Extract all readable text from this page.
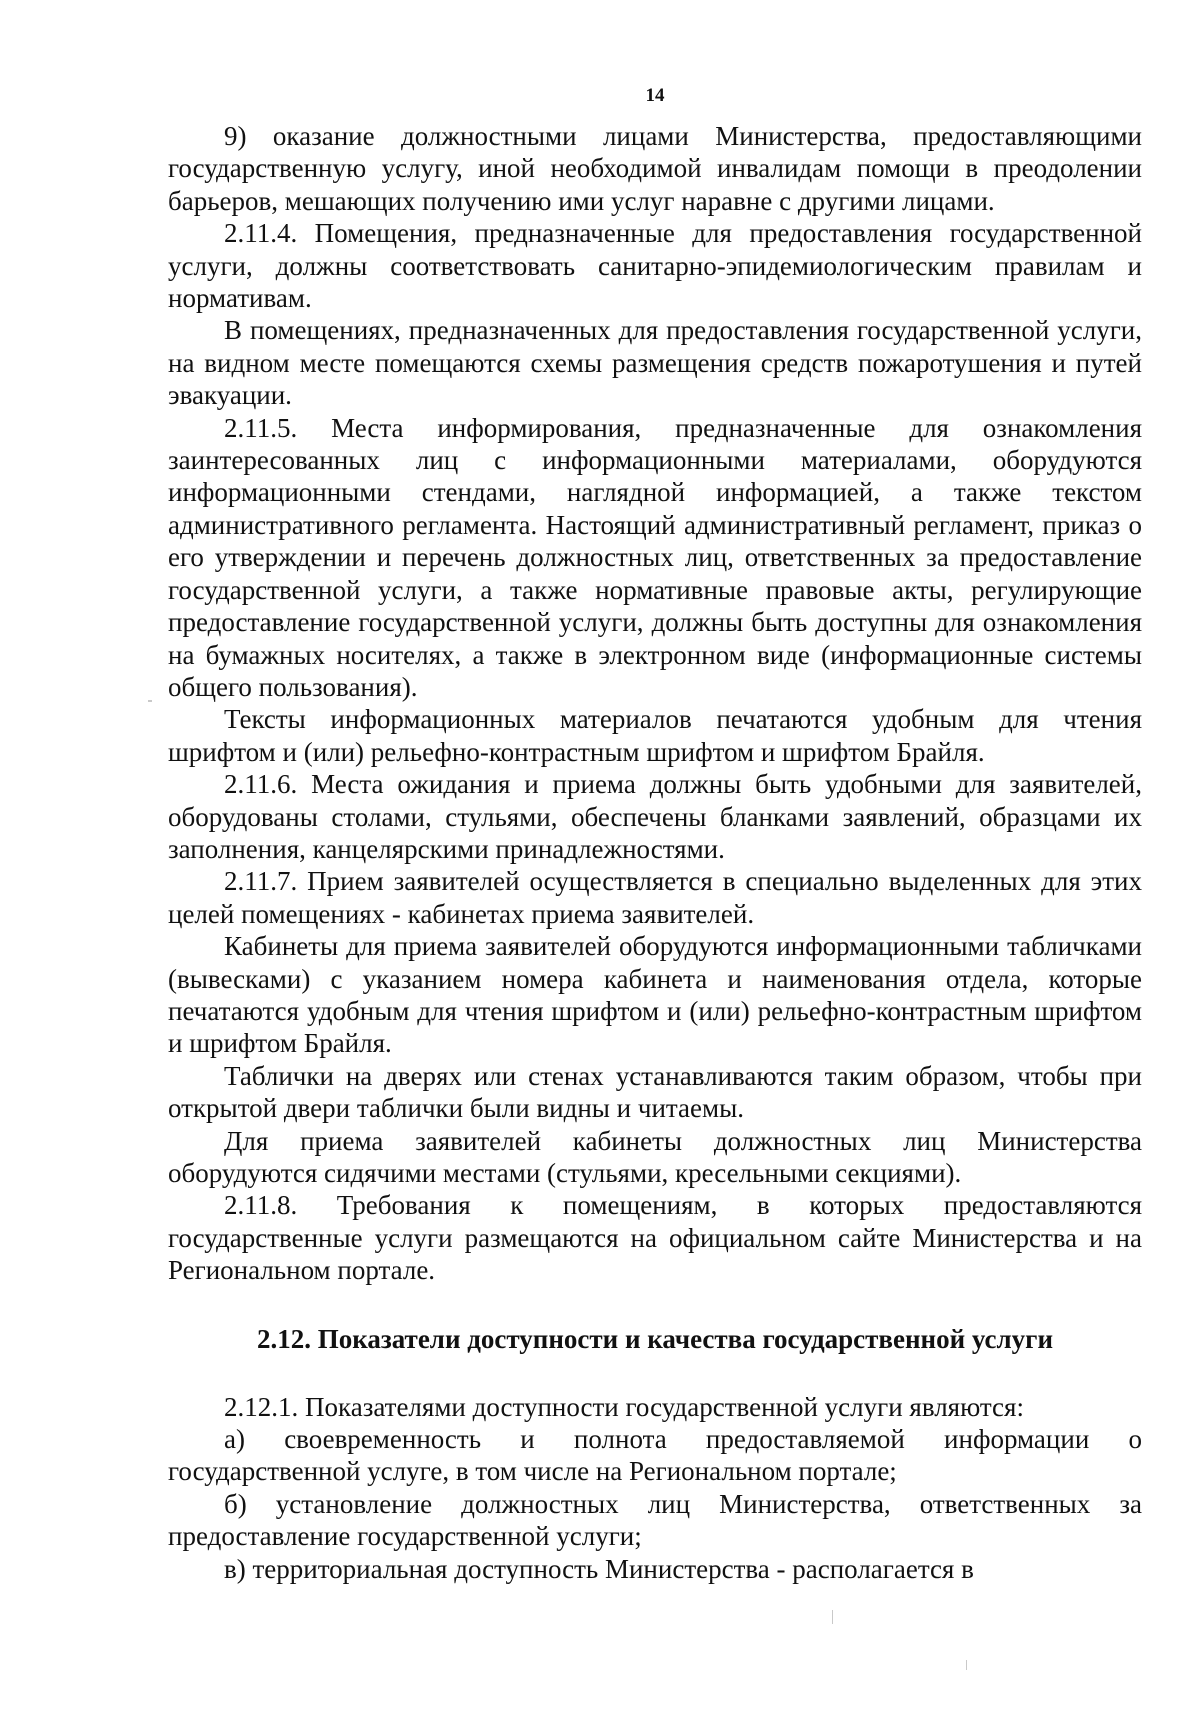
14

9) оказание должностными лицами Министерства, предоставляющими государственную услугу, иной необходимой инвалидам помощи в преодолении барьеров, мешающих получению ими услуг наравне с другими лицами.

2.11.4. Помещения, предназначенные для предоставления государственной услуги, должны соответствовать санитарно-эпидемиологическим правилам и нормативам.

В помещениях, предназначенных для предоставления государственной услуги, на видном месте помещаются схемы размещения средств пожаротушения и путей эвакуации.

2.11.5. Места информирования, предназначенные для ознакомления заинтересованных лиц с информационными материалами, оборудуются информационными стендами, наглядной информацией, а также текстом административного регламента. Настоящий административный регламент, приказ о его утверждении и перечень должностных лиц, ответственных за предоставление государственной услуги, а также нормативные правовые акты, регулирующие предоставление государственной услуги, должны быть доступны для ознакомления на бумажных носителях, а также в электронном виде (информационные системы общего пользования).

Тексты информационных материалов печатаются удобным для чтения шрифтом и (или) рельефно-контрастным шрифтом и шрифтом Брайля.

2.11.6. Места ожидания и приема должны быть удобными для заявителей, оборудованы столами, стульями, обеспечены бланками заявлений, образцами их заполнения, канцелярскими принадлежностями.

2.11.7. Прием заявителей осуществляется в специально выделенных для этих целей помещениях - кабинетах приема заявителей.

Кабинеты для приема заявителей оборудуются информационными табличками (вывесками) с указанием номера кабинета и наименования отдела, которые печатаются удобным для чтения шрифтом и (или) рельефно-контрастным шрифтом и шрифтом Брайля.

Таблички на дверях или стенах устанавливаются таким образом, чтобы при открытой двери таблички были видны и читаемы.

Для приема заявителей кабинеты должностных лиц Министерства оборудуются сидячими местами (стульями, кресельными секциями).

2.11.8. Требования к помещениям, в которых предоставляются государственные услуги размещаются на официальном сайте Министерства и на Региональном портале.

2.12. Показатели доступности и качества государственной услуги

2.12.1. Показателями доступности государственной услуги являются:

а) своевременность и полнота предоставляемой информации о государственной услуге, в том числе на Региональном портале;

б) установление должностных лиц Министерства, ответственных за предоставление государственной услуги;

в) территориальная доступность Министерства - располагается в
